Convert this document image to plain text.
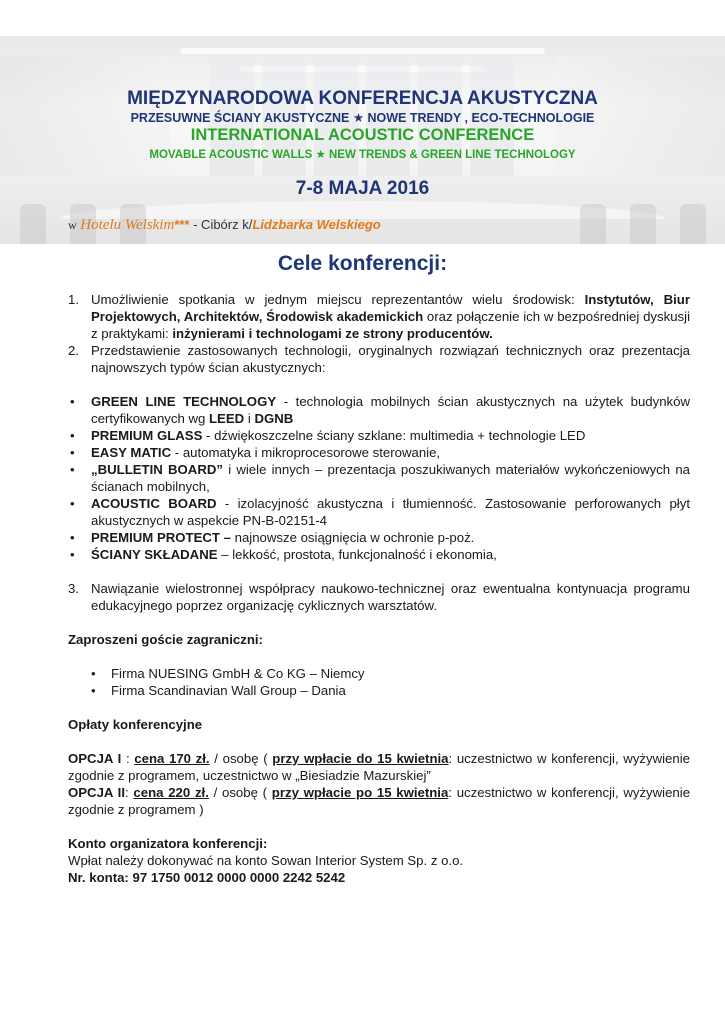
MIĘDZYNARODOWA KONFERENCJA AKUSTYCZNA
PRZESUWNE ŚCIANY AKUSTYCZNE ★ NOWE TRENDY , ECO-TECHNOLOGIE
INTERNATIONAL ACOUSTIC CONFERENCE
MOVABLE ACOUSTIC WALLS ★ NEW TRENDS & GREEN LINE TECHNOLOGY
7-8 MAJA 2016
w Hotelu Welskim*** - Cibórz k/Lidzbarka Welskiego
Cele konferencji:
1. Umożliwienie spotkania w jednym miejscu reprezentantów wielu środowisk: Instytutów, Biur Projektowych, Architektów, Środowisk akademickich oraz połączenie ich w bezpośredniej dyskusji z praktykami: inżynierami i technologami ze strony producentów.
2. Przedstawienie zastosowanych technologii, oryginalnych rozwiązań technicznych oraz prezentacja najnowszych typów ścian akustycznych:
• GREEN LINE TECHNOLOGY - technologia mobilnych ścian akustycznych na użytek budynków certyfikowanych wg LEED i DGNB
• PREMIUM GLASS - dźwiękoszczelne ściany szklane: multimedia + technologie LED
• EASY MATIC - automatyka i mikroprocesorowe sterowanie,
• „BULLETIN BOARD” i wiele innych – prezentacja poszukiwanych materiałów wykończeniowych na ścianach mobilnych,
• ACOUSTIC BOARD - izolacyjność akustyczna i tłumienność. Zastosowanie perforowanych płyt akustycznych w aspekcie PN-B-02151-4
• PREMIUM PROTECT – najnowsze osiągnięcia w ochronie p-poż.
• ŚCIANY SKŁADANE – lekkość, prostota, funkcjonalność i ekonomia,
3. Nawiązanie wielostronnej współpracy naukowo-technicznej oraz ewentualna kontynuacja programu edukacyjnego poprzez organizację cyklicznych warsztatów.
Zaproszeni goście zagraniczni:
• Firma NUESING GmbH & Co KG – Niemcy
• Firma Scandinavian Wall Group – Dania
Opłaty konferencyjne
OPCJA I : cena 170 zł. / osobę ( przy wpłacie do 15 kwietnia: uczestnictwo w konferencji, wyżywienie zgodnie z programem, uczestnictwo w „Biesiadzie Mazurskiej”
OPCJA II: cena 220 zł. / osobę ( przy wpłacie po 15 kwietnia: uczestnictwo w konferencji, wyżywienie zgodnie z programem )
Konto organizatora konferencji:
Wpłat należy dokonywać na konto Sowan Interior System Sp. z o.o.
Nr. konta: 97 1750 0012 0000 0000 2242 5242
